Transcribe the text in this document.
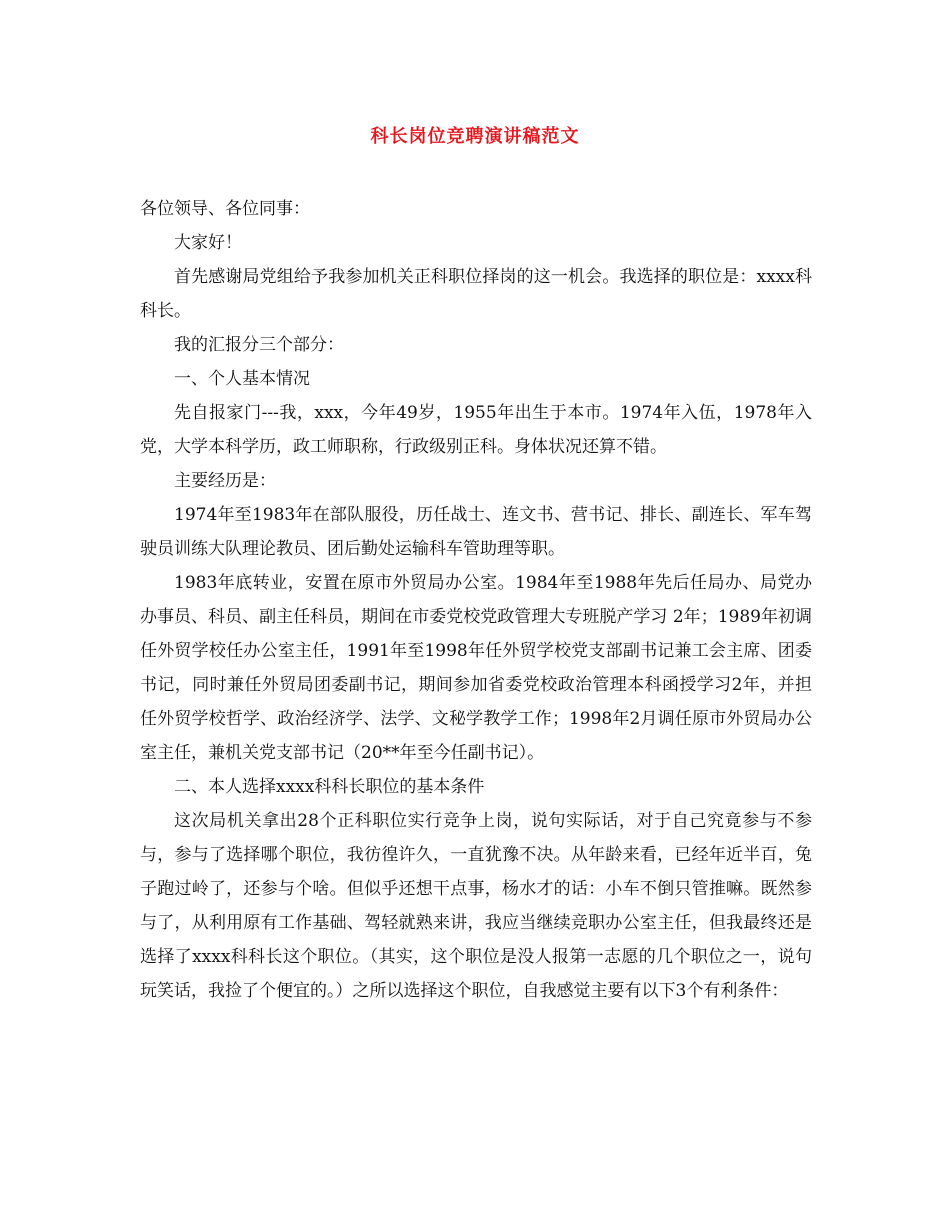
科长岗位竞聘演讲稿范文

各位领导、各位同事：

大家好！

首先感谢局党组给予我参加机关正科职位择岗的这一机会。我选择的职位是：xxxx科科长。

我的汇报分三个部分：

一、个人基本情况

先自报家门---我，xxx，今年49岁，1955年出生于本市。1974年入伍，1978年入党，大学本科学历，政工师职称，行政级别正科。身体状况还算不错。

主要经历是：

1974年至1983年在部队服役，历任战士、连文书、营书记、排长、副连长、军车驾驶员训练大队理论教员、团后勤处运输科车管助理等职。

1983年底转业，安置在原市外贸局办公室。1984年至1988年先后任局办、局党办办事员、科员、副主任科员，期间在市委党校党政管理大专班脱产学习 2年；1989年初调任外贸学校任办公室主任，1991年至1998年任外贸学校党支部副书记兼工会主席、团委书记，同时兼任外贸局团委副书记，期间参加省委党校政治管理本科函授学习2年，并担任外贸学校哲学、政治经济学、法学、文秘学教学工作；1998年2月调任原市外贸局办公室主任，兼机关党支部书记（20**年至今任副书记）。

二、本人选择xxxx科科长职位的基本条件

这次局机关拿出28个正科职位实行竞争上岗，说句实际话，对于自己究竟参与不参与，参与了选择哪个职位，我彷徨许久，一直犹豫不决。从年龄来看，已经年近半百，兔子跑过岭了，还参与个啥。但似乎还想干点事，杨水才的话：小车不倒只管推嘛。既然参与了，从利用原有工作基础、驾轻就熟来讲，我应当继续竞职办公室主任，但我最终还是选择了xxxx科科长这个职位。（其实，这个职位是没人报第一志愿的几个职位之一，说句玩笑话，我捡了个便宜的。）之所以选择这个职位，自我感觉主要有以下3个有利条件：
